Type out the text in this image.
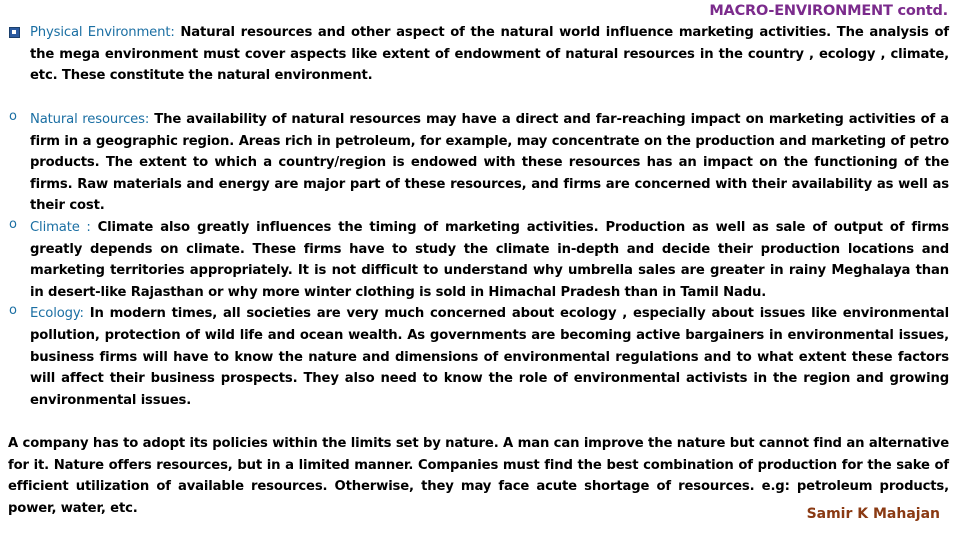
MACRO-ENVIRONMENT contd.

Physical Environment: Natural resources and other aspect of the natural world influence marketing activities. The analysis of the mega environment must cover aspects like extent of endowment of natural resources in the country , ecology , climate, etc. These constitute the natural environment.

o Natural resources: The availability of natural resources may have a direct and far-reaching impact on marketing activities of a firm in a geographic region. Areas rich in petroleum, for example, may concentrate on the production and marketing of petro products. The extent to which a country/region is endowed with these resources has an impact on the functioning of the firms. Raw materials and energy are major part of these resources, and firms are concerned with their availability as well as their cost.

o Climate : Climate also greatly influences the timing of marketing activities. Production as well as sale of output of firms greatly depends on climate. These firms have to study the climate in-depth and decide their production locations and marketing territories appropriately. It is not difficult to understand why umbrella sales are greater in rainy Meghalaya than in desert-like Rajasthan or why more winter clothing is sold in Himachal Pradesh than in Tamil Nadu.

o Ecology: In modern times, all societies are very much concerned about ecology , especially about issues like environmental pollution, protection of wild life and ocean wealth. As governments are becoming active bargainers in environmental issues, business firms will have to know the nature and dimensions of environmental regulations and to what extent these factors will affect their business prospects. They also need to know the role of environmental activists in the region and growing environmental issues.

A company has to adopt its policies within the limits set by nature. A man can improve the nature but cannot find an alternative for it. Nature offers resources, but in a limited manner. Companies must find the best combination of production for the sake of efficient utilization of available resources. Otherwise, they may face acute shortage of resources. e.g: petroleum products, power, water, etc.	Samir K Mahajan
